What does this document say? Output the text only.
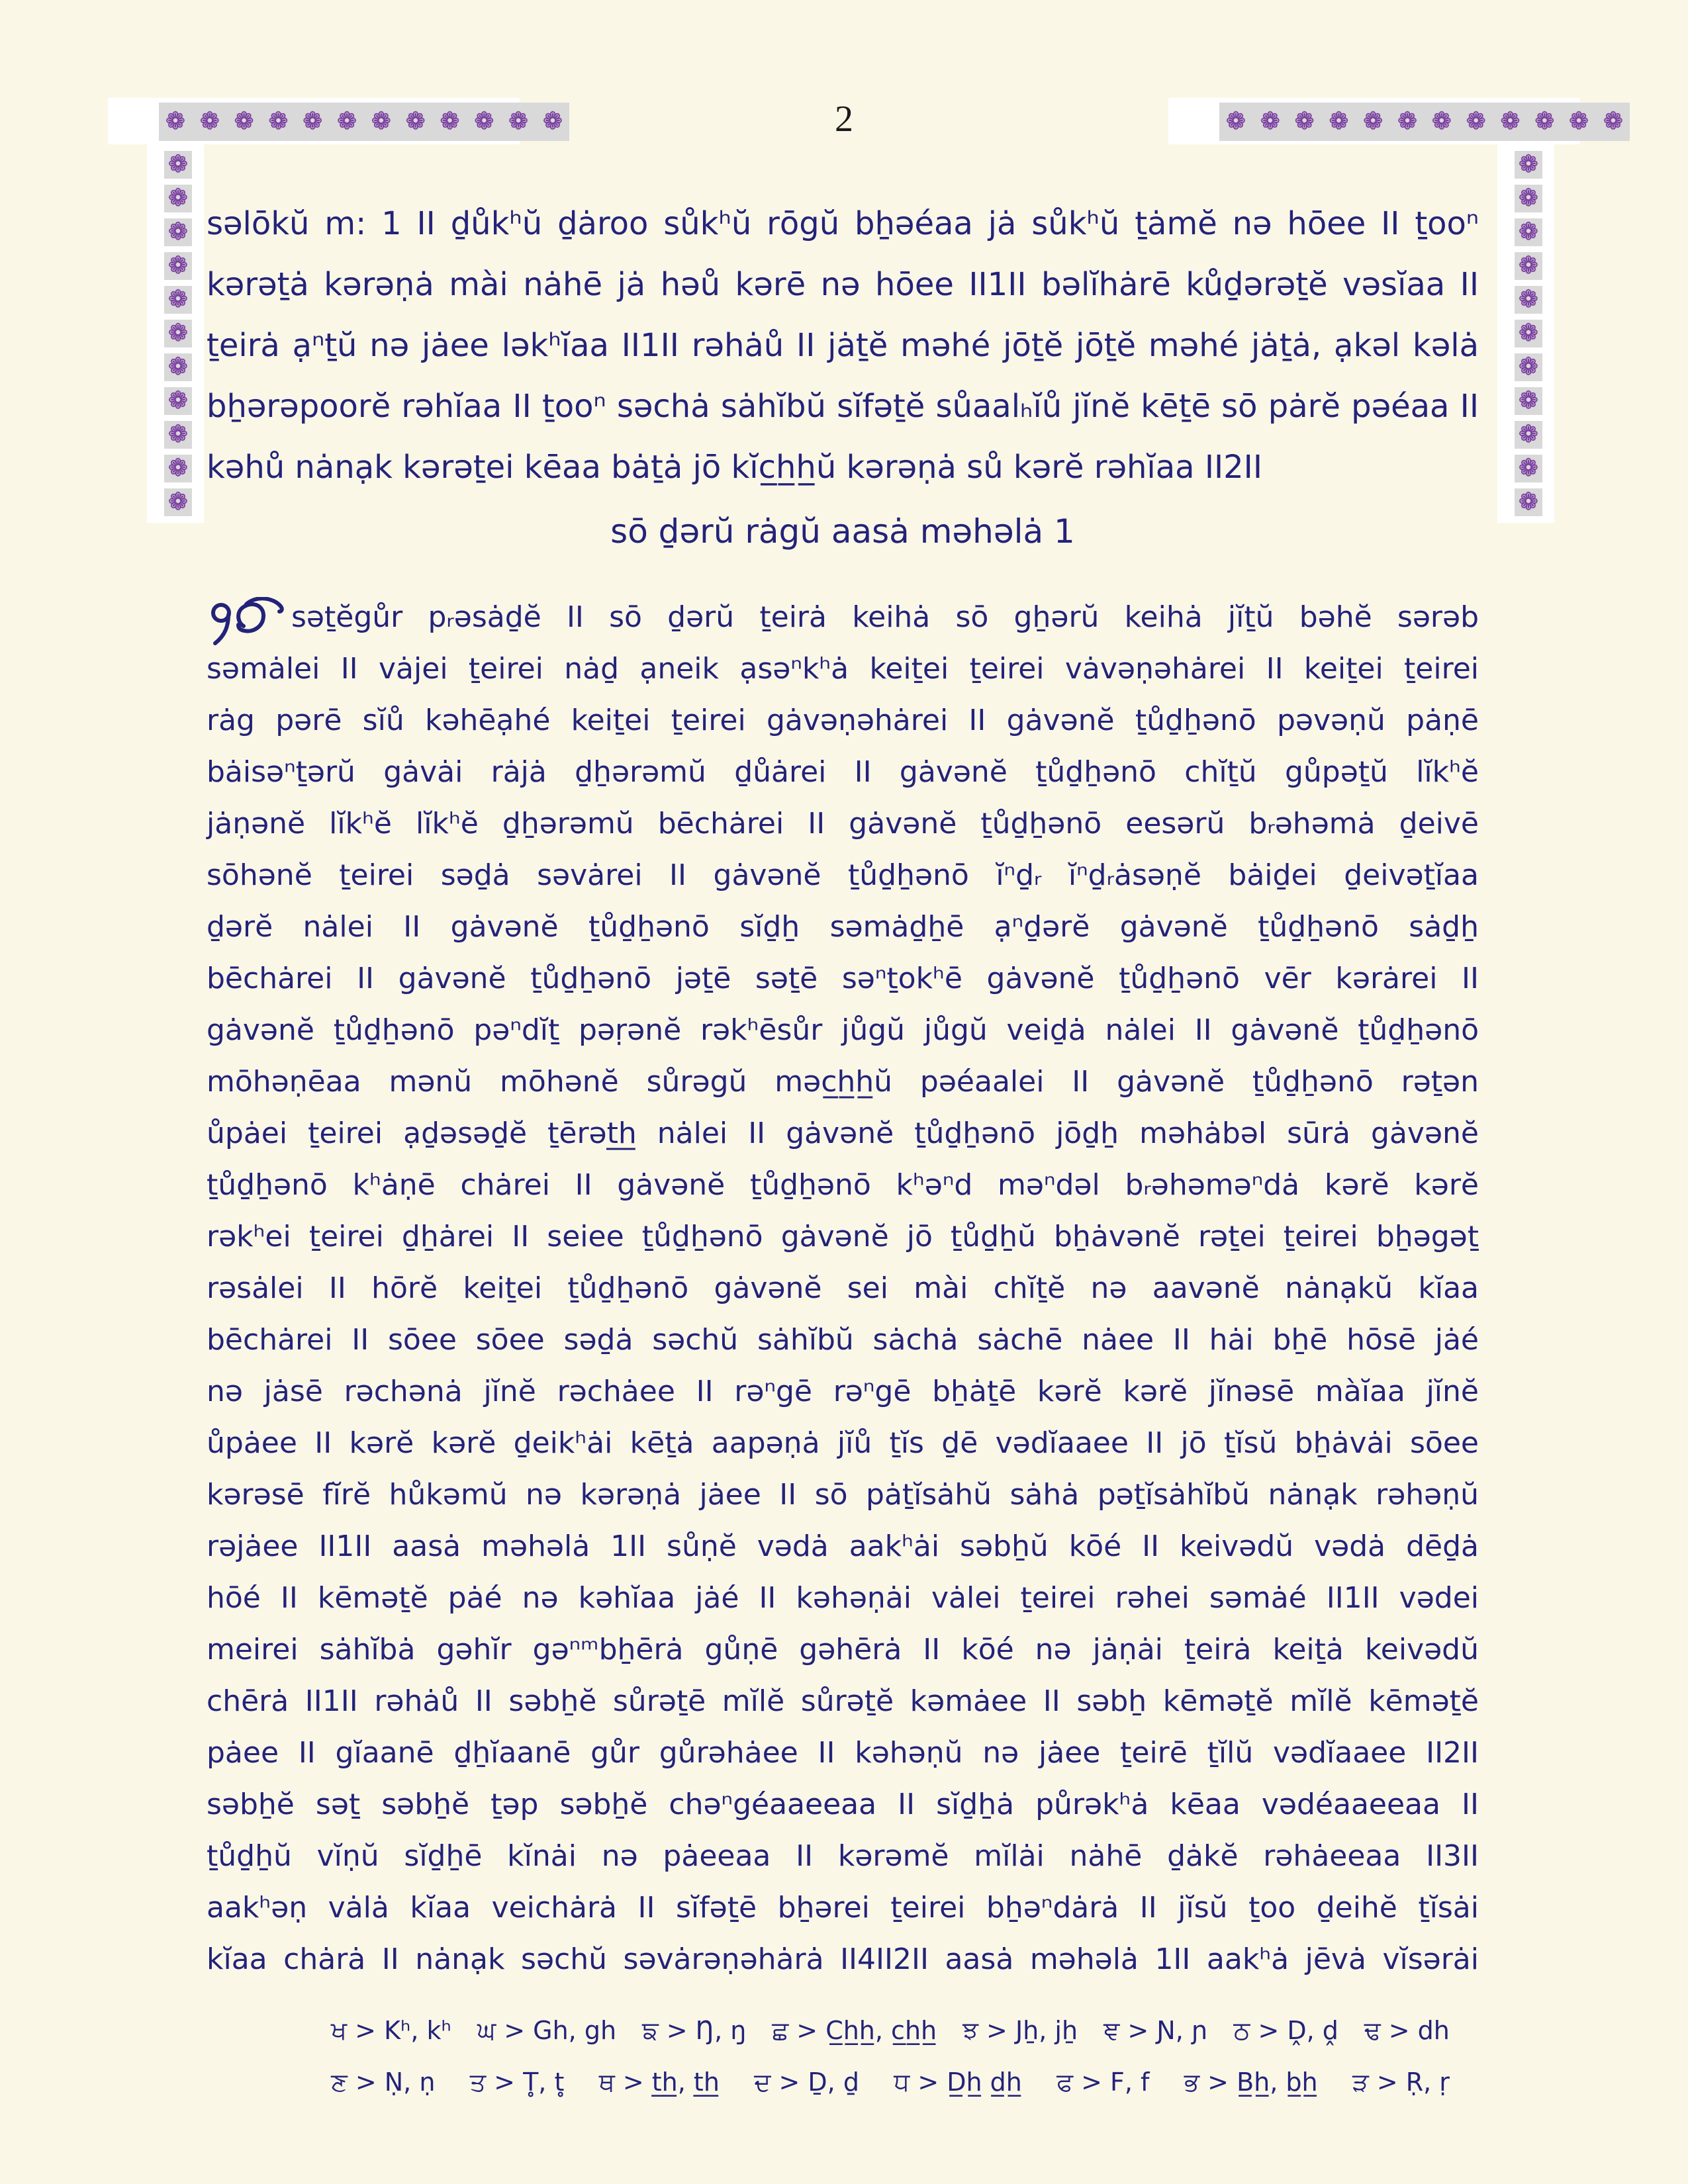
❁ ❁ ❁ ❁ ❁ ❁ ❁ ❁ ❁ ❁ ❁ ❁	❁ ❁ ❁ ❁ ❁ ❁ ❁ ❁ ❁ ❁ ❁ ❁
❁
❁
❁
❁
❁
❁
❁
❁
❁
❁
❁
❁
❁
❁
❁
❁
❁
❁
❁
❁
❁
❁
2
səlōkŭ m: 1 II ḏůkʰŭ ḏȧroo sůkʰŭ rōgŭ bẖəéaa jȧ sůkʰŭ ṯȧmĕ nə hōee II ṯooⁿ
kərəṯȧ kərəṇȧ mài nȧhē jȧ həů kərē nə hōee II1II bəlĭhȧrē kůḏərəṯĕ vəsĭaa II
ṯeirȧ ạⁿṯŭ nə jȧee ləkʰĭaa II1II rəhȧů II jȧṯĕ məhé jōṯĕ jōṯĕ məhé jȧṯȧ, ạkəl kəlȧ
bẖərəpoorĕ rəhĭaa II ṯooⁿ səchȧ sȧhĭbŭ sĭfəṯĕ sůaalₕĭů jĭnĕ kēṯē sō pȧrĕ pəéaa II
kəhů nȧnạk kərəṯei kēaa bȧṯȧ jō kĭc̲h̲h̲ŭ kərəṇȧ sů kərĕ rəhĭaa II2II
sō ḏərŭ rȧgŭ aasȧ məhəlȧ 1
səṯĕgůr pᵣəsȧḏĕ II sō ḏərŭ ṯeirȧ keihȧ sō gẖərŭ keihȧ jĭṯŭ bəhĕ sərəb
səmȧlei II vȧjei ṯeirei nȧḏ ạneik ạsəⁿkʰȧ keiṯei ṯeirei vȧvəṇəhȧrei II keiṯei ṯeirei
rȧg pərē sĭů kəhēạhé keiṯei ṯeirei gȧvəṇəhȧrei II gȧvənĕ ṯůḏẖənō pəvəṇŭ pȧṇē
bȧisəⁿṯərŭ gȧvȧi rȧjȧ ḏẖərəmŭ ḏůȧrei II gȧvənĕ ṯůḏẖənō chĭṯŭ gůpəṯŭ lĭkʰĕ
jȧṇənĕ lĭkʰĕ lĭkʰĕ ḏẖərəmŭ bēchȧrei II gȧvənĕ ṯůḏẖənō eesərŭ bᵣəhəmȧ ḏeivē
sōhənĕ ṯeirei səḏȧ səvȧrei II gȧvənĕ ṯůḏẖənō ĭⁿḏᵣ ĭⁿḏᵣȧsəṇĕ bȧiḏei ḏeivəṯĭaa
ḏərĕ nȧlei II gȧvənĕ ṯůḏẖənō sĭḏẖ səmȧḏẖē ạⁿḏərĕ gȧvənĕ ṯůḏẖənō sȧḏẖ
bēchȧrei II gȧvənĕ ṯůḏẖənō jəṯē səṯē səⁿṯokʰē gȧvənĕ ṯůḏẖənō vēr kərȧrei II
gȧvənĕ ṯůḏẖənō pəⁿdĭṯ pəṛənĕ rəkʰēsůr jůgŭ jůgŭ veiḏȧ nȧlei II gȧvənĕ ṯůḏẖənō
mōhəṇēaa mənŭ mōhənĕ sůrəgŭ məc̲h̲h̲ŭ pəéaalei II gȧvənĕ ṯůḏẖənō rəṯən
ůpȧei ṯeirei ạḏəsəḏĕ ṯērət̲h̲ nȧlei II gȧvənĕ ṯůḏẖənō jōḏẖ məhȧbəl sūrȧ gȧvənĕ
ṯůḏẖənō kʰȧṇē chȧrei II gȧvənĕ ṯůḏẖənō kʰəⁿd məⁿdəl bᵣəhəməⁿdȧ kərĕ kərĕ
rəkʰei ṯeirei ḏẖȧrei II seiee ṯůḏẖənō gȧvənĕ jō ṯůḏẖŭ bẖȧvənĕ rəṯei ṯeirei bẖəgəṯ
rəsȧlei II hōrĕ keiṯei ṯůḏẖənō gȧvənĕ sei mài chĭṯĕ nə aavənĕ nȧnạkŭ kĭaa
bēchȧrei II sōee sōee səḏȧ səchŭ sȧhĭbŭ sȧchȧ sȧchē nȧee II hȧi bẖē hōsē jȧé
nə jȧsē rəchənȧ jĭnĕ rəchȧee II rəⁿgē rəⁿgē bẖȧṯē kərĕ kərĕ jĭnəsē màĭaa jĭnĕ
ůpȧee II kərĕ kərĕ ḏeikʰȧi kēṯȧ aapəṇȧ jĭů ṯĭs ḏē vədĭaaee II jō ṯĭsŭ bẖȧvȧi sōee
kərəsē fĭrĕ hůkəmŭ nə kərəṇȧ jȧee II sō pȧṯĭsȧhŭ sȧhȧ pəṯĭsȧhĭbŭ nȧnạk rəhəṇŭ
rəjȧee II1II aasȧ məhəlȧ 1II sůṇĕ vədȧ aakʰȧi səbẖŭ kōé II keivədŭ vədȧ dēḏȧ
hōé II kēməṯĕ pȧé nə kəhĭaa jȧé II kəhəṇȧi vȧlei ṯeirei rəhei səmȧé II1II vədei
meirei sȧhĭbȧ gəhĭr gəⁿᵐbẖērȧ gůṇē gəhērȧ II kōé nə jȧṇȧi ṯeirȧ keiṯȧ keivədŭ
chērȧ II1II rəhȧů II səbẖĕ sůrəṯē mĭlĕ sůrəṯĕ kəmȧee II səbẖ kēməṯĕ mĭlĕ kēməṯĕ
pȧee II gĭaanē ḏẖĭaanē gůr gůrəhȧee II kəhəṇŭ nə jȧee ṯeirē ṯĭlŭ vədĭaaee II2II
səbẖĕ səṯ səbẖĕ ṯəp səbẖĕ chəⁿgéaaeeaa II sĭḏẖȧ půrəkʰȧ kēaa vədéaaeeaa II
ṯůḏẖŭ vĭṇŭ sĭḏẖē kĭnȧi nə pȧeeaa II kərəmĕ mĭlȧi nȧhē ḏȧkĕ rəhȧeeaa II3II
aakʰəṇ vȧlȧ kĭaa veichȧrȧ II sĭfəṯē bẖərei ṯeirei bẖəⁿdȧrȧ II jĭsŭ ṯoo ḏeihĕ ṯĭsȧi
kĭaa chȧrȧ II nȧnạk səchŭ səvȧrəṇəhȧrȧ II4II2II aasȧ məhəlȧ 1II aakʰȧ jēvȧ vĭsərȧi
ਖ > Kʰ, kʰ ਘ > Gh, gh ਙ > Ŋ, ŋ ਛ > C̲h̲h̲, c̲h̲h̲ ਝ > Jẖ, jẖ ਞ > Ɲ, ɲ ਠ > Ḓ, ḓ ਢ > dh
ਣ > Ṇ, ṇ ਤ > T̥, t̥ ਥ > t̲h̲, t̲h̲ ਦ > Ḏ, ḏ ਧ > D̲h̲ d̲h̲ ਫ > F, f ਭ > B̲h̲, b̲h̲ ੜ > Ṛ, ṛ
